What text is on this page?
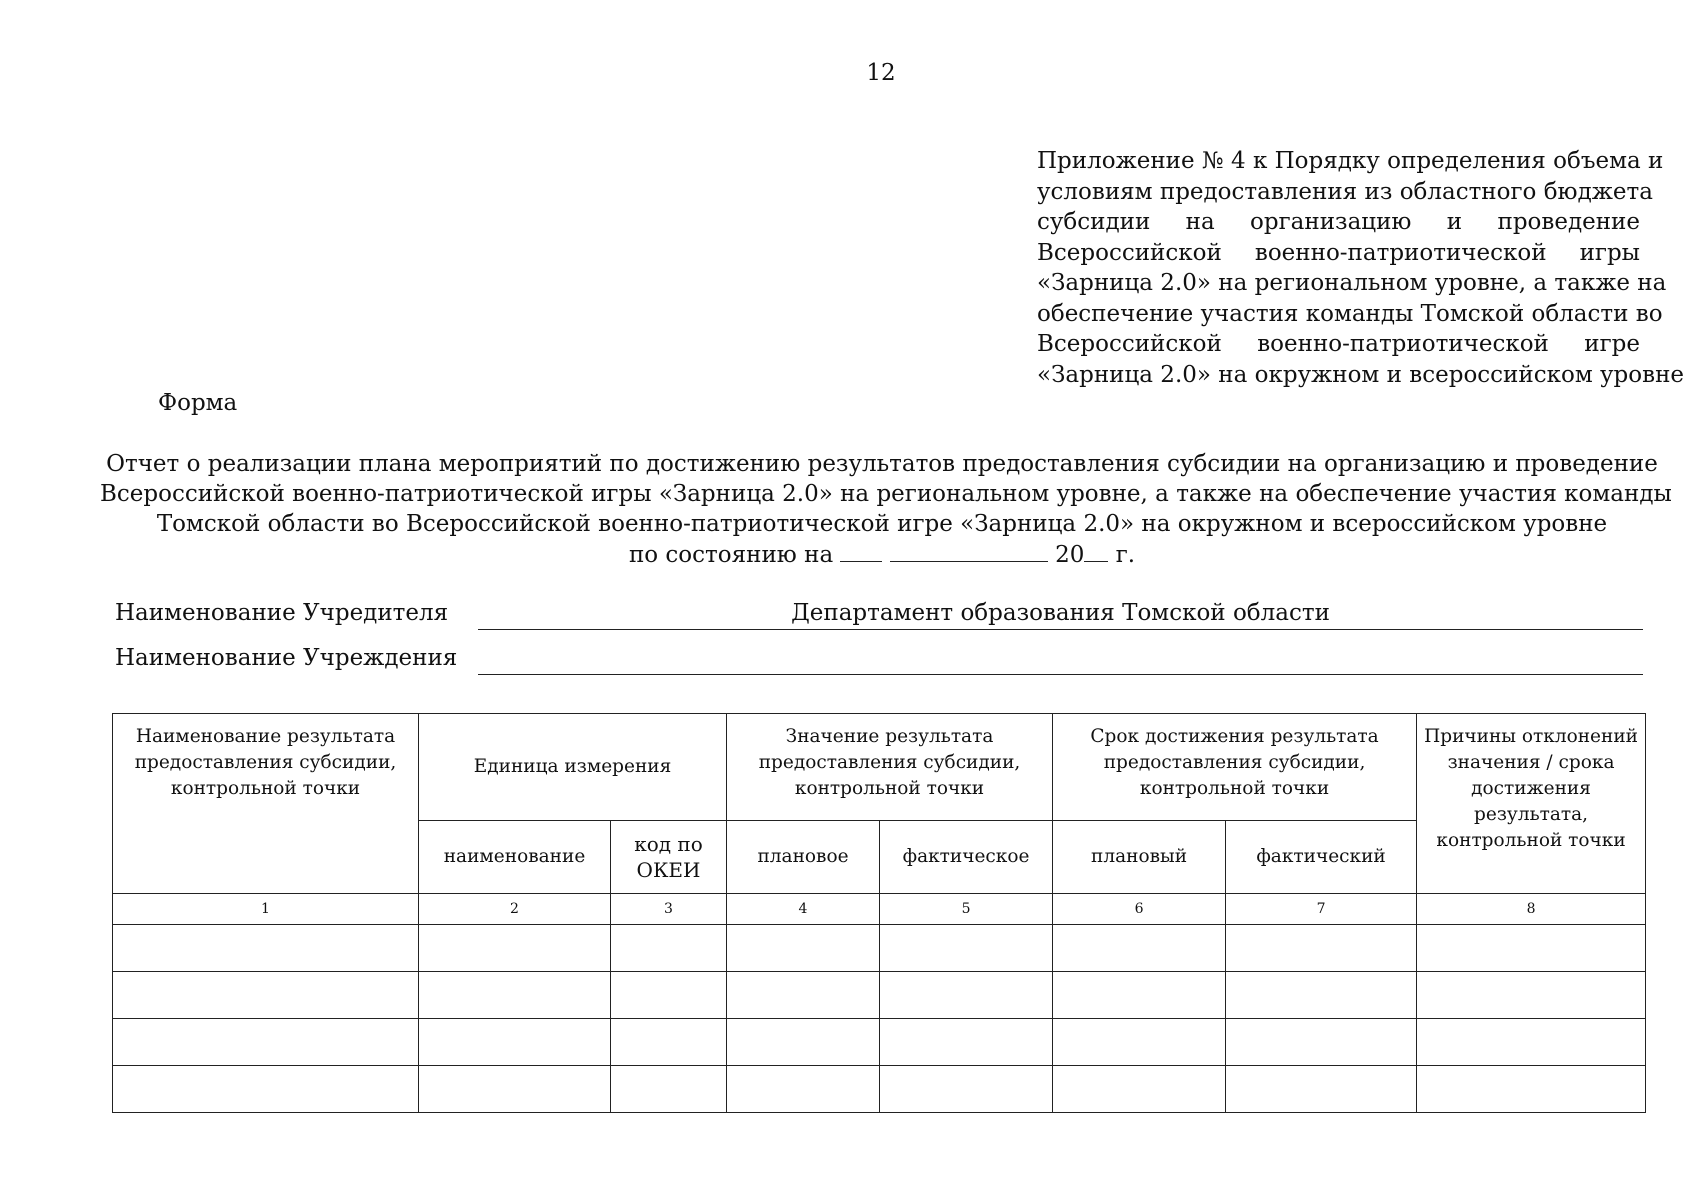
12
Приложение № 4 к Порядку определения объема и
условиям предоставления из областного бюджета
субсидии на организацию и проведение
Всероссийской военно-патриотической игры
«Зарница 2.0» на региональном уровне, а также на
обеспечение участия команды Томской области во
Всероссийской военно-патриотической игре
«Зарница 2.0» на окружном и всероссийском уровне
Форма
Отчет о реализации плана мероприятий по достижению результатов предоставления субсидии на организацию и проведение
Всероссийской военно-патриотической игры «Зарница 2.0» на региональном уровне, а также на обеспечение участия команды
Томской области во Всероссийской военно-патриотической игре «Зарница 2.0» на окружном и всероссийском уровне
по состоянию на	20 г.
Наименование Учредителя	Департамент образования Томской области
Наименование Учреждения
Наименование результата предоставления субсидии, контрольной точки	Единица измерения		Значение результата предоставления субсидии, контрольной точки		Срок достижения результата предоставления субсидии, контрольной точки		Причины отклонений значения / срока достижения результата, контрольной точки
	наименование	код по ОКЕИ	плановое	фактическое	плановый	фактический	
1	2	3	4	5	6	7	8
